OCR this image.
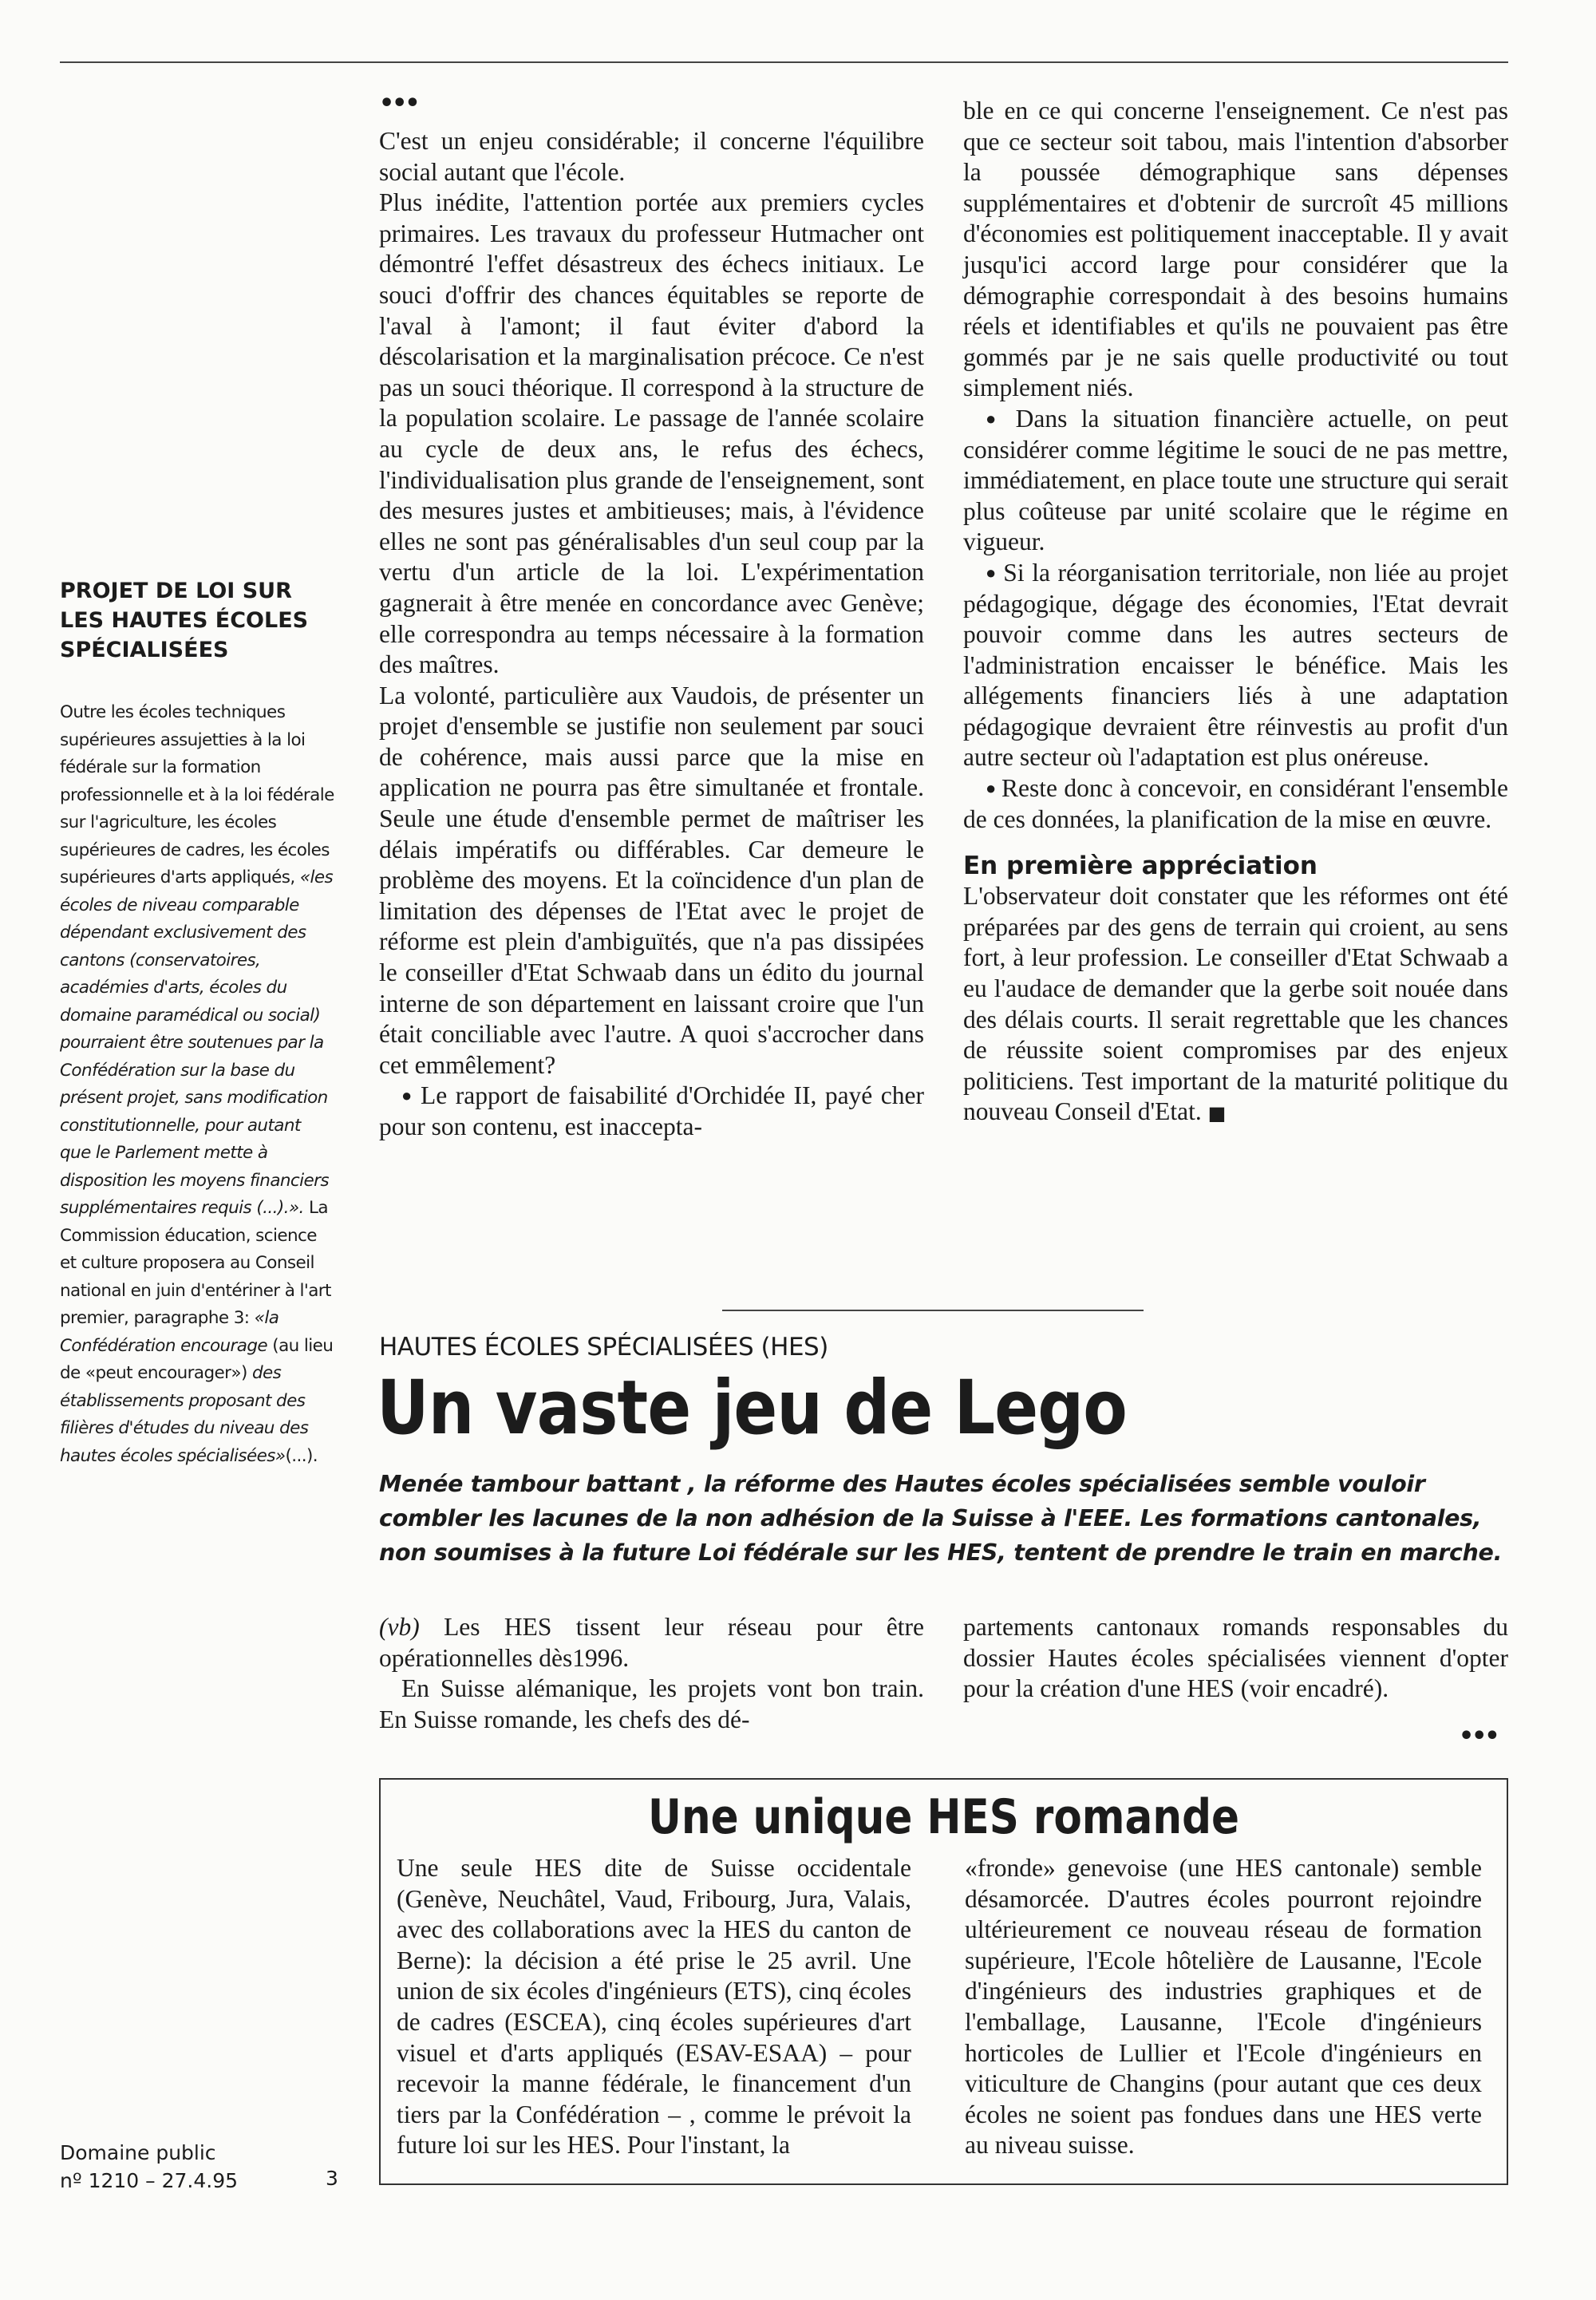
PROJET DE LOI SUR LES HAUTES ÉCOLES SPÉCIALISÉES
Outre les écoles techniques supérieures assujetties à la loi fédérale sur la formation professionnelle et à la loi fédérale sur l'agriculture, les écoles supérieures de cadres, les écoles supérieures d'arts appliqués, «les écoles de niveau comparable dépendant exclusivement des cantons (conservatoires, académies d'arts, écoles du domaine paramédical ou social) pourraient être soutenues par la Confédération sur la base du présent projet, sans modification constitutionnelle, pour autant que le Parlement mette à disposition les moyens financiers supplémentaires requis (...).». La Commission éducation, science et culture proposera au Conseil national en juin d'entériner à l'art premier, paragraphe 3: «la Confédération encourage (au lieu de «peut encourager») des établissements proposant des filières d'études du niveau des hautes écoles spécialisées»(...).
•••

C'est un enjeu considérable; il concerne l'équilibre social autant que l'école.

Plus inédite, l'attention portée aux premiers cycles primaires. Les travaux du professeur Hutmacher ont démontré l'effet désastreux des échecs initiaux. Le souci d'offrir des chances équitables se reporte de l'aval à l'amont; il faut éviter d'abord la déscolarisation et la marginalisation précoce. Ce n'est pas un souci théorique. Il correspond à la structure de la population scolaire. Le passage de l'année scolaire au cycle de deux ans, le refus des échecs, l'individualisation plus grande de l'enseignement, sont des mesures justes et ambitieuses; mais, à l'évidence elles ne sont pas généralisables d'un seul coup par la vertu d'un article de la loi. L'expérimentation gagnerait à être menée en concordance avec Genève; elle correspondra au temps nécessaire à la formation des maîtres.

La volonté, particulière aux Vaudois, de présenter un projet d'ensemble se justifie non seulement par souci de cohérence, mais aussi parce que la mise en application ne pourra pas être simultanée et frontale. Seule une étude d'ensemble permet de maîtriser les délais impératifs ou différables. Car demeure le problème des moyens. Et la coïncidence d'un plan de limitation des dépenses de l'Etat avec le projet de réforme est plein d'ambiguïtés, que n'a pas dissipées le conseiller d'Etat Schwaab dans un édito du journal interne de son département en laissant croire que l'un était conciliable avec l'autre. A quoi s'accrocher dans cet emmêlement?

● Le rapport de faisabilité d'Orchidée II, payé cher pour son contenu, est inaccepta-

ble en ce qui concerne l'enseignement. Ce n'est pas que ce secteur soit tabou, mais l'intention d'absorber la poussée démographique sans dépenses supplémentaires et d'obtenir de surcroît 45 millions d'économies est politiquement inacceptable. Il y avait jusqu'ici accord large pour considérer que la démographie correspondait à des besoins humains réels et identifiables et qu'ils ne pouvaient pas être gommés par je ne sais quelle productivité ou tout simplement niés.

● Dans la situation financière actuelle, on peut considérer comme légitime le souci de ne pas mettre, immédiatement, en place toute une structure qui serait plus coûteuse par unité scolaire que le régime en vigueur.

● Si la réorganisation territoriale, non liée au projet pédagogique, dégage des économies, l'Etat devrait pouvoir comme dans les autres secteurs de l'administration encaisser le bénéfice. Mais les allégements financiers liés à une adaptation pédagogique devraient être réinvestis au profit d'un autre secteur où l'adaptation est plus onéreuse.

● Reste donc à concevoir, en considérant l'ensemble de ces données, la planification de la mise en œuvre.

En première appréciation

L'observateur doit constater que les réformes ont été préparées par des gens de terrain qui croient, au sens fort, à leur profession. Le conseiller d'Etat Schwaab a eu l'audace de demander que la gerbe soit nouée dans des délais courts. Il serait regrettable que les chances de réussite soient compromises par des enjeux politiciens. Test important de la maturité politique du nouveau Conseil d'Etat. ■

HAUTES ÉCOLES SPÉCIALISÉES (HES)
Un vaste jeu de Lego
Menée tambour battant , la réforme des Hautes écoles spécialisées semble vouloir combler les lacunes de la non adhésion de la Suisse à l'EEE. Les formations cantonales, non soumises à la future Loi fédérale sur les HES, tentent de prendre le train en marche.

(vb) Les HES tissent leur réseau pour être opérationnelles dès1996.

En Suisse alémanique, les projets vont bon train. En Suisse romande, les chefs des dé-

partements cantonaux romands responsables du dossier Hautes écoles spécialisées viennent d'opter pour la création d'une HES (voir encadré).

•••
Une unique HES romande
Une seule HES dite de Suisse occidentale (Genève, Neuchâtel, Vaud, Fribourg, Jura, Valais, avec des collaborations avec la HES du canton de Berne): la décision a été prise le 25 avril. Une union de six écoles d'ingénieurs (ETS), cinq écoles de cadres (ESCEA), cinq écoles supérieures d'art visuel et d'arts appliqués (ESAV-ESAA) – pour recevoir la manne fédérale, le financement d'un tiers par la Confédération – , comme le prévoit la future loi sur les HES. Pour l'instant, la
«fronde» genevoise (une HES cantonale) semble désamorcée. D'autres écoles pourront rejoindre ultérieurement ce nouveau réseau de formation supérieure, l'Ecole hôtelière de Lausanne, l'Ecole d'ingénieurs des industries graphiques et de l'emballage, Lausanne, l'Ecole d'ingénieurs horticoles de Lullier et l'Ecole d'ingénieurs en viticulture de Changins (pour autant que ces deux écoles ne soient pas fondues dans une HES verte au niveau suisse.
Domaine public
nº 1210 – 27.4.95	3
